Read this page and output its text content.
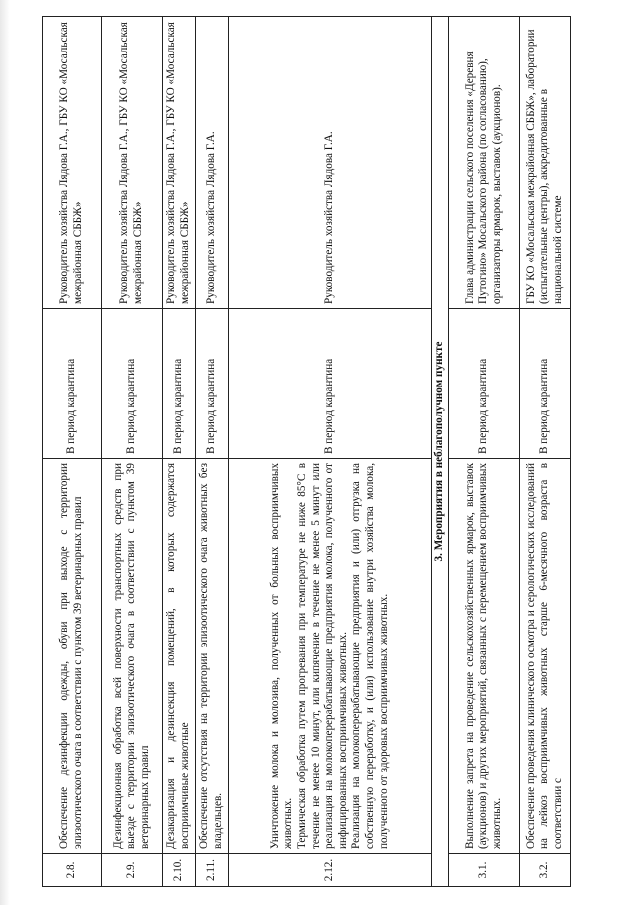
2.8.	Обеспечение дезинфекции одежды, обуви при выходе с территории эпизоотического очага в соответствии с пунктом 39 ветеринарных правил	В период карантина	Руководитель хозяйства Лядова Г.А., ГБУ КО «Мосальская межрайонная СББЖ»
2.9.	Дезинфекционная обработка всей поверхности транспортных средств при выезде с территории эпизоотического очага в соответствии с пунктом 39 ветеринарных правил	В период карантина	Руководитель хозяйства Лядова Г.А., ГБУ КО «Мосальская межрайонная СББЖ»
2.10.	Дезакаризация и дезинсекция помещений, в которых содержатся восприимчивые животные	В период карантина	Руководитель хозяйства Лядова Г.А., ГБУ КО «Мосальская межрайонная СББЖ»
2.11.	Обеспечение отсутствия на территории эпизоотического очага животных без владельцев.	В период карантина	Руководитель хозяйства Лядова Г.А.
2.12.	Уничтожение молока и молозива, полученных от больных восприимчивых животных. Термическая обработка путем прогревания при температуре не ниже 85°С в течение не менее 10 минут, или кипячение в течение не менее 5 минут или реализация на молокоперерабатывающие предприятия молока, полученного от инфицированных восприимчивых животных. Реализация на молокоперерабатывающие предприятия и (или) отгрузка на собственную переработку, и (или) использование внутри хозяйства молока, полученного от здоровых восприимчивых животных.	В период карантина	Руководитель хозяйства Лядова Г.А.
3. Мероприятия в неблагополучном пункте			
3.1.	Выполнение запрета на проведение сельскохозяйственных ярмарок, выставок (аукционов) и других мероприятий, связанных с перемещением восприимчивых животных.	В период карантина	Глава администрации сельского поселения «Деревня Путогино» Мосальского района (по согласованию), организаторы ярмарок, выставок (аукционов).
3.2.	Обеспечение проведения клинического осмотра и серологических исследований на лейкоз восприимчивых животных старше 6-месячного возраста в соответствии с	В период карантина	ГБУ КО «Мосальская межрайонная СББЖ», лаборатории (испытательные центры), аккредитованные в национальной системе
